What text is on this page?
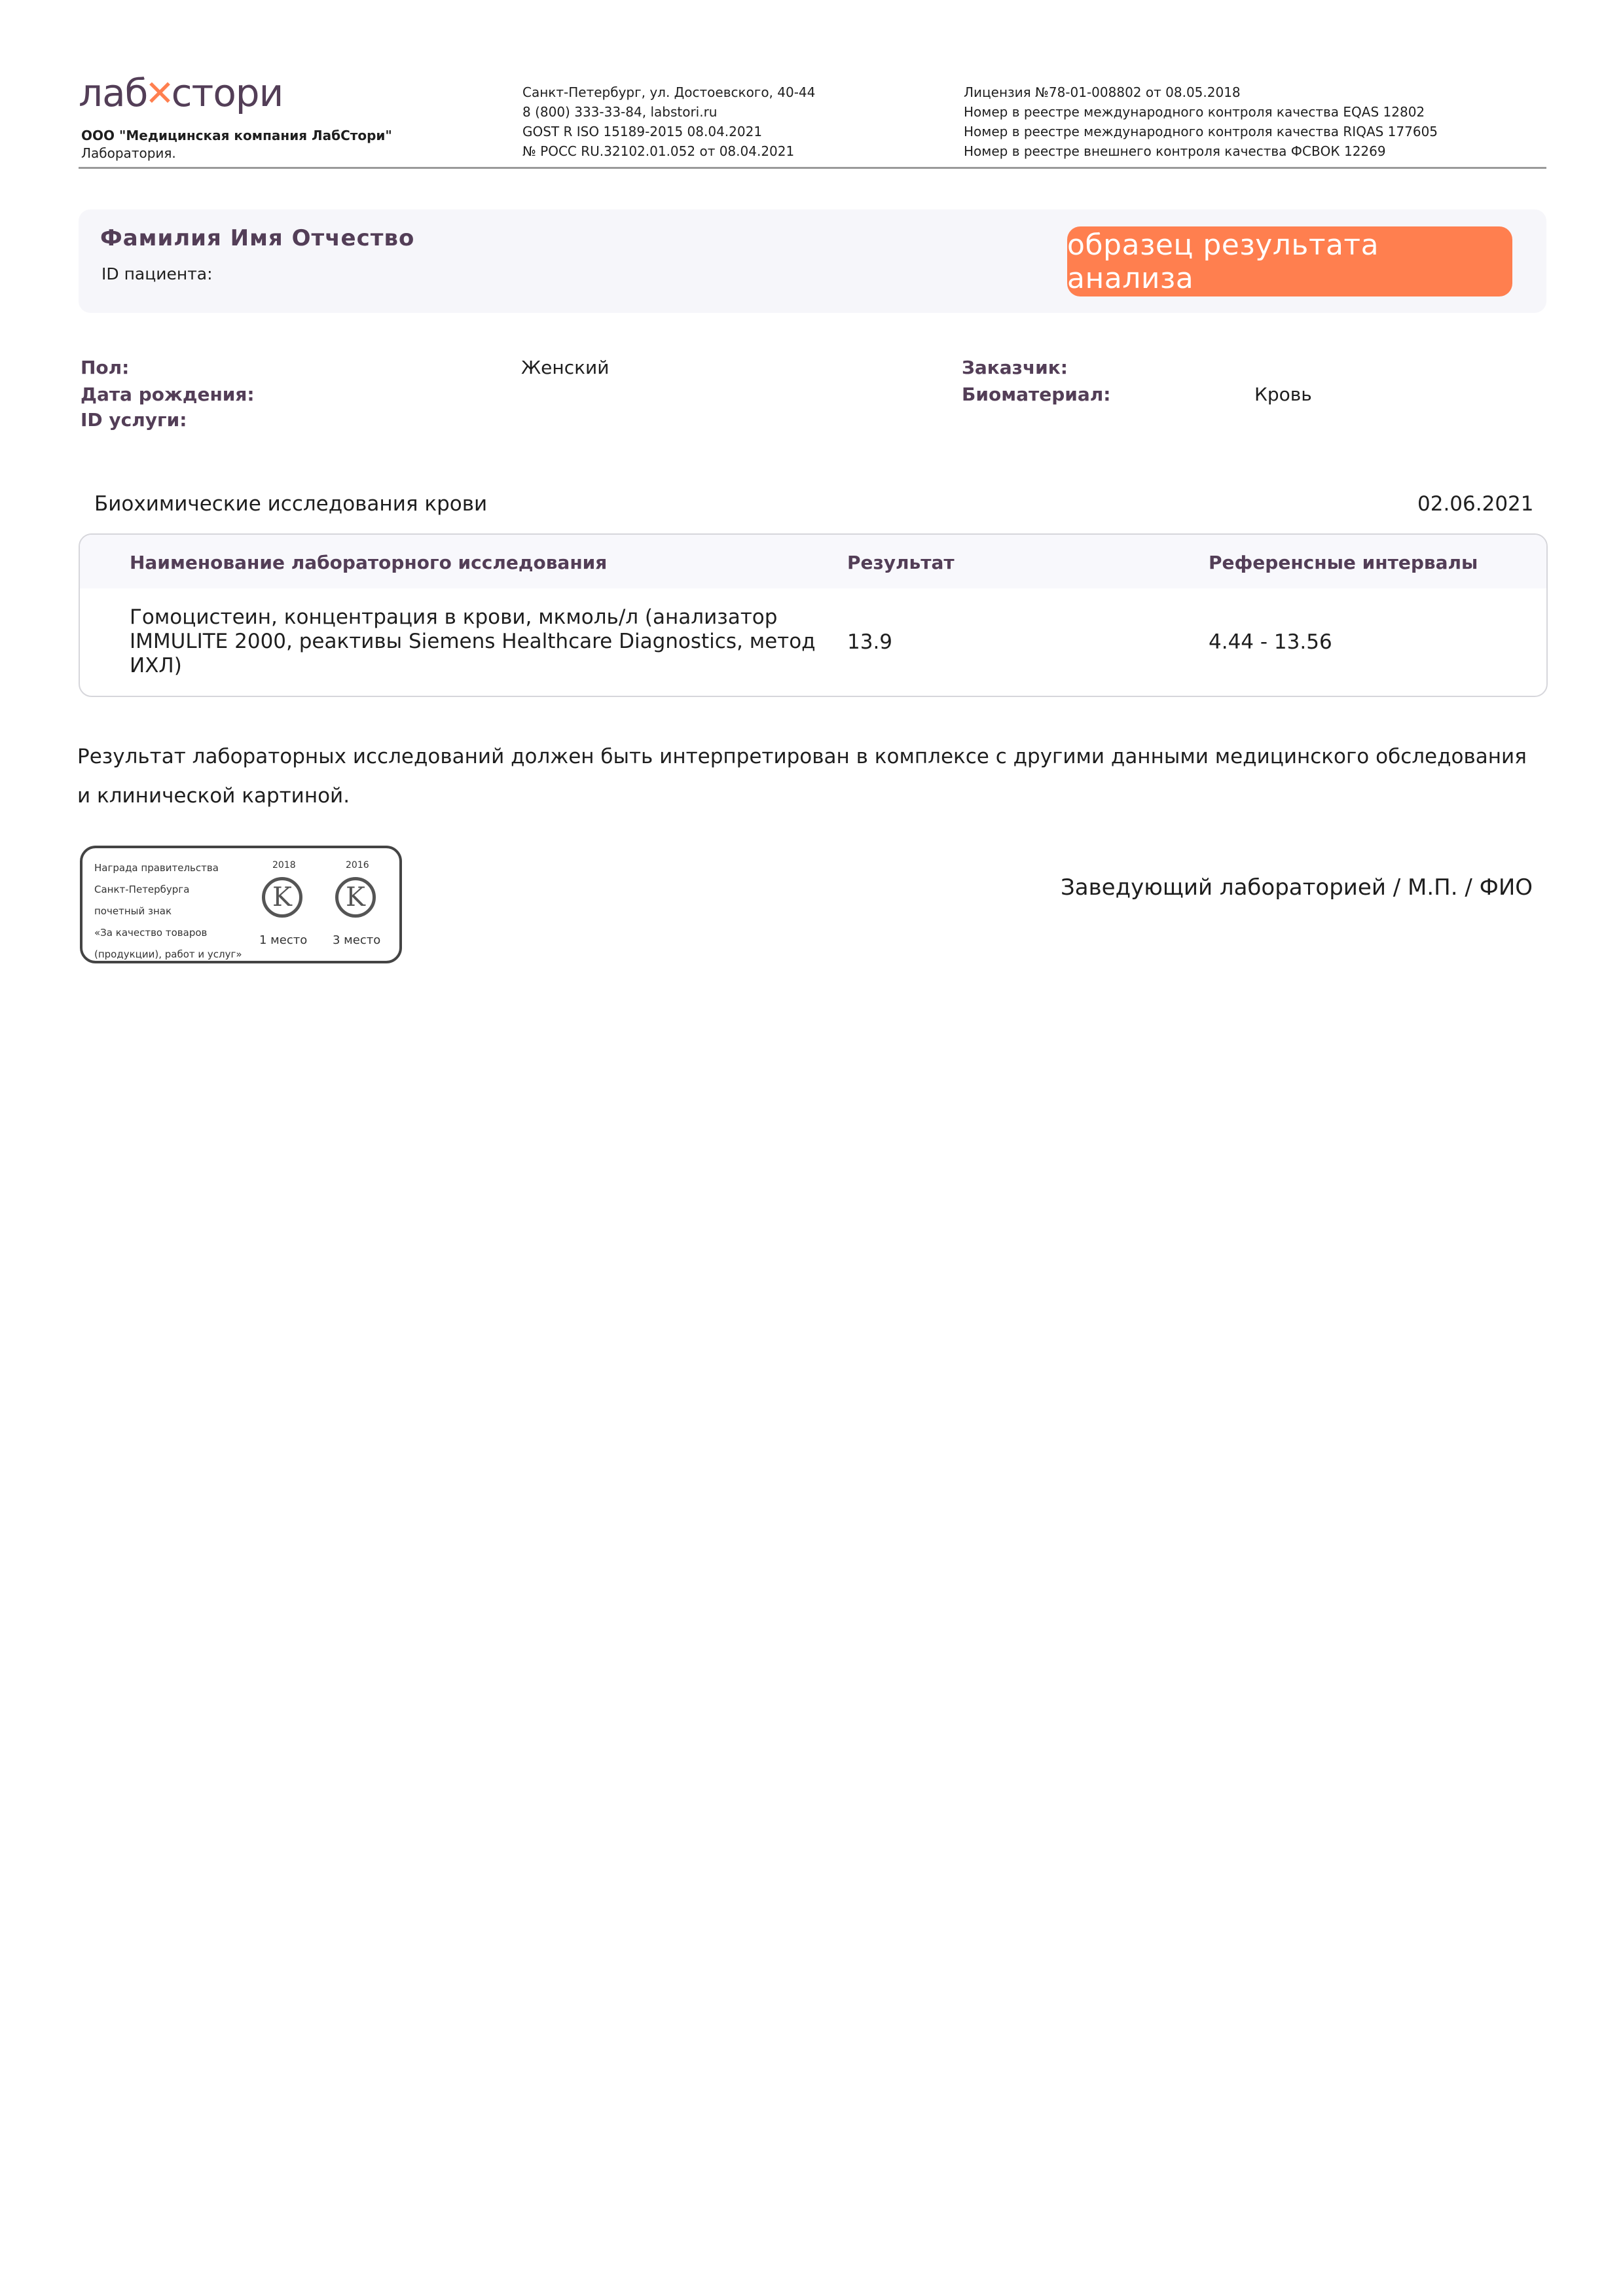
лаб
✕
стори
ООО "Медицинская компания ЛабСтори"
Лаборатория.
Санкт-Петербург, ул. Достоевского, 40-44
8 (800) 333-33-84, labstori.ru
GOST R ISO 15189-2015 08.04.2021
№ РОСС RU.32102.01.052 от 08.04.2021
Лицензия №78-01-008802 от 08.05.2018
Номер в реестре международного контроля качества EQAS 12802
Номер в реестре международного контроля качества RIQAS 177605
Номер в реестре внешнего контроля качества ФСВОК 12269
Фамилия Имя Отчество
ID пациента:
образец результата анализа
Пол:	Женский
Дата рождения:
ID услуги:
Заказчик:
Биоматериал:	Кровь
Биохимические исследования крови	02.06.2021
Наименование лабораторного исследования	Результат	Референсные интервалы
Гомоцистеин, концентрация в крови, мкмоль/л (анализатор
IMMULITE 2000, реактивы Siemens Healthcare Diagnostics, метод
ИХЛ)
13.9	4.44 - 13.56
Результат лабораторных исследований должен быть интерпретирован в комплексе с другими данными медицинского обследования и клинической картиной.
Награда правительства
Санкт-Петербурга
почетный знак
«За качество товаров
(продукции), работ и услуг»
2018	2016
K	K
1 место 3 место
Заведующий лабораторией / М.П. / ФИО
